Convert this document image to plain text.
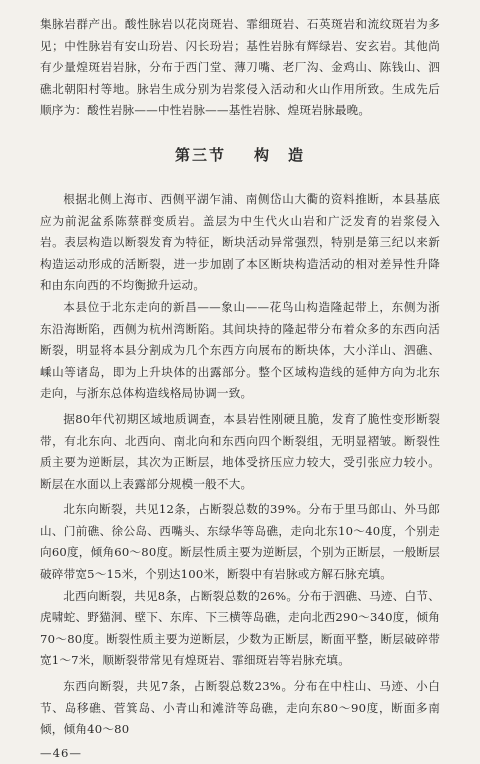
集脉岩群产出。酸性脉岩以花岗斑岩、霏细斑岩、石英斑岩和流纹斑岩为多见；中性脉岩有安山玢岩、闪长玢岩；基性岩脉有辉绿岩、安玄岩。其他尚有少量煌斑岩岩脉，分布于西门堂、薄刀嘴、老厂沟、金鸡山、陈钱山、泗礁北朝阳村等地。脉岩生成分别为岩浆侵入活动和火山作用所致。生成先后顺序为：酸性岩脉——中性岩脉——基性岩脉、煌斑岩脉最晚。

第三节 构　造

根据北侧上海市、西侧平湖乍浦、南侧岱山大衢的资料推断，本县基底应为前泥盆系陈蔡群变质岩。盖层为中生代火山岩和广泛发育的岩浆侵入岩。表层构造以断裂发育为特征，断块活动异常强烈，特别是第三纪以来新构造运动形成的活断裂，进一步加剧了本区断块构造活动的相对差异性升降和由东向西的不均衡掀升运动。

本县位于北东走向的新昌——象山——花鸟山构造隆起带上，东侧为浙东沿海断陷，西侧为杭州湾断陷。其间块持的隆起带分布着众多的东西向活断裂，明显将本县分割成为几个东西方向展布的断块体，大小洋山、泗礁、嵊山等诸岛，即为上升块体的出露部分。整个区域构造线的延伸方向为北东走向，与浙东总体构造线格局协调一致。

据80年代初期区域地质调查，本县岩性刚硬且脆，发育了脆性变形断裂带，有北东向、北西向、南北向和东西向四个断裂组，无明显褶皱。断裂性质主要为逆断层，其次为正断层，地体受挤压应力较大，受引张应力较小。断层在水面以上表露部分规模一般不大。

北东向断裂，共见12条，占断裂总数的39%。分布于里马郎山、外马郎山、门前礁、徐公岛、西嘴头、东绿华等岛礁，走向北东10～40度，个别走向60度，倾角60～80度。断层性质主要为逆断层，个别为正断层，一般断层破碎带宽5～15米，个别达100米，断裂中有岩脉或方解石脉充填。

北西向断裂，共见8条，占断裂总数的26%。分布于泗礁、马迹、白节、虎啸蛇、野猫洞、壁下、东库、下三横等岛礁，走向北西290～340度，倾角70～80度。断裂性质主要为逆断层，少数为正断层，断面平整，断层破碎带宽1～7米，顺断裂带常见有煌斑岩、霏细斑岩等岩脉充填。

东西向断裂，共见7条，占断裂总数23%。分布在中柱山、马迹、小白节、岛移礁、菅箕岛、小青山和滩浒等岛礁，走向东80～90度，断面多南倾，倾角40～80

—46—
